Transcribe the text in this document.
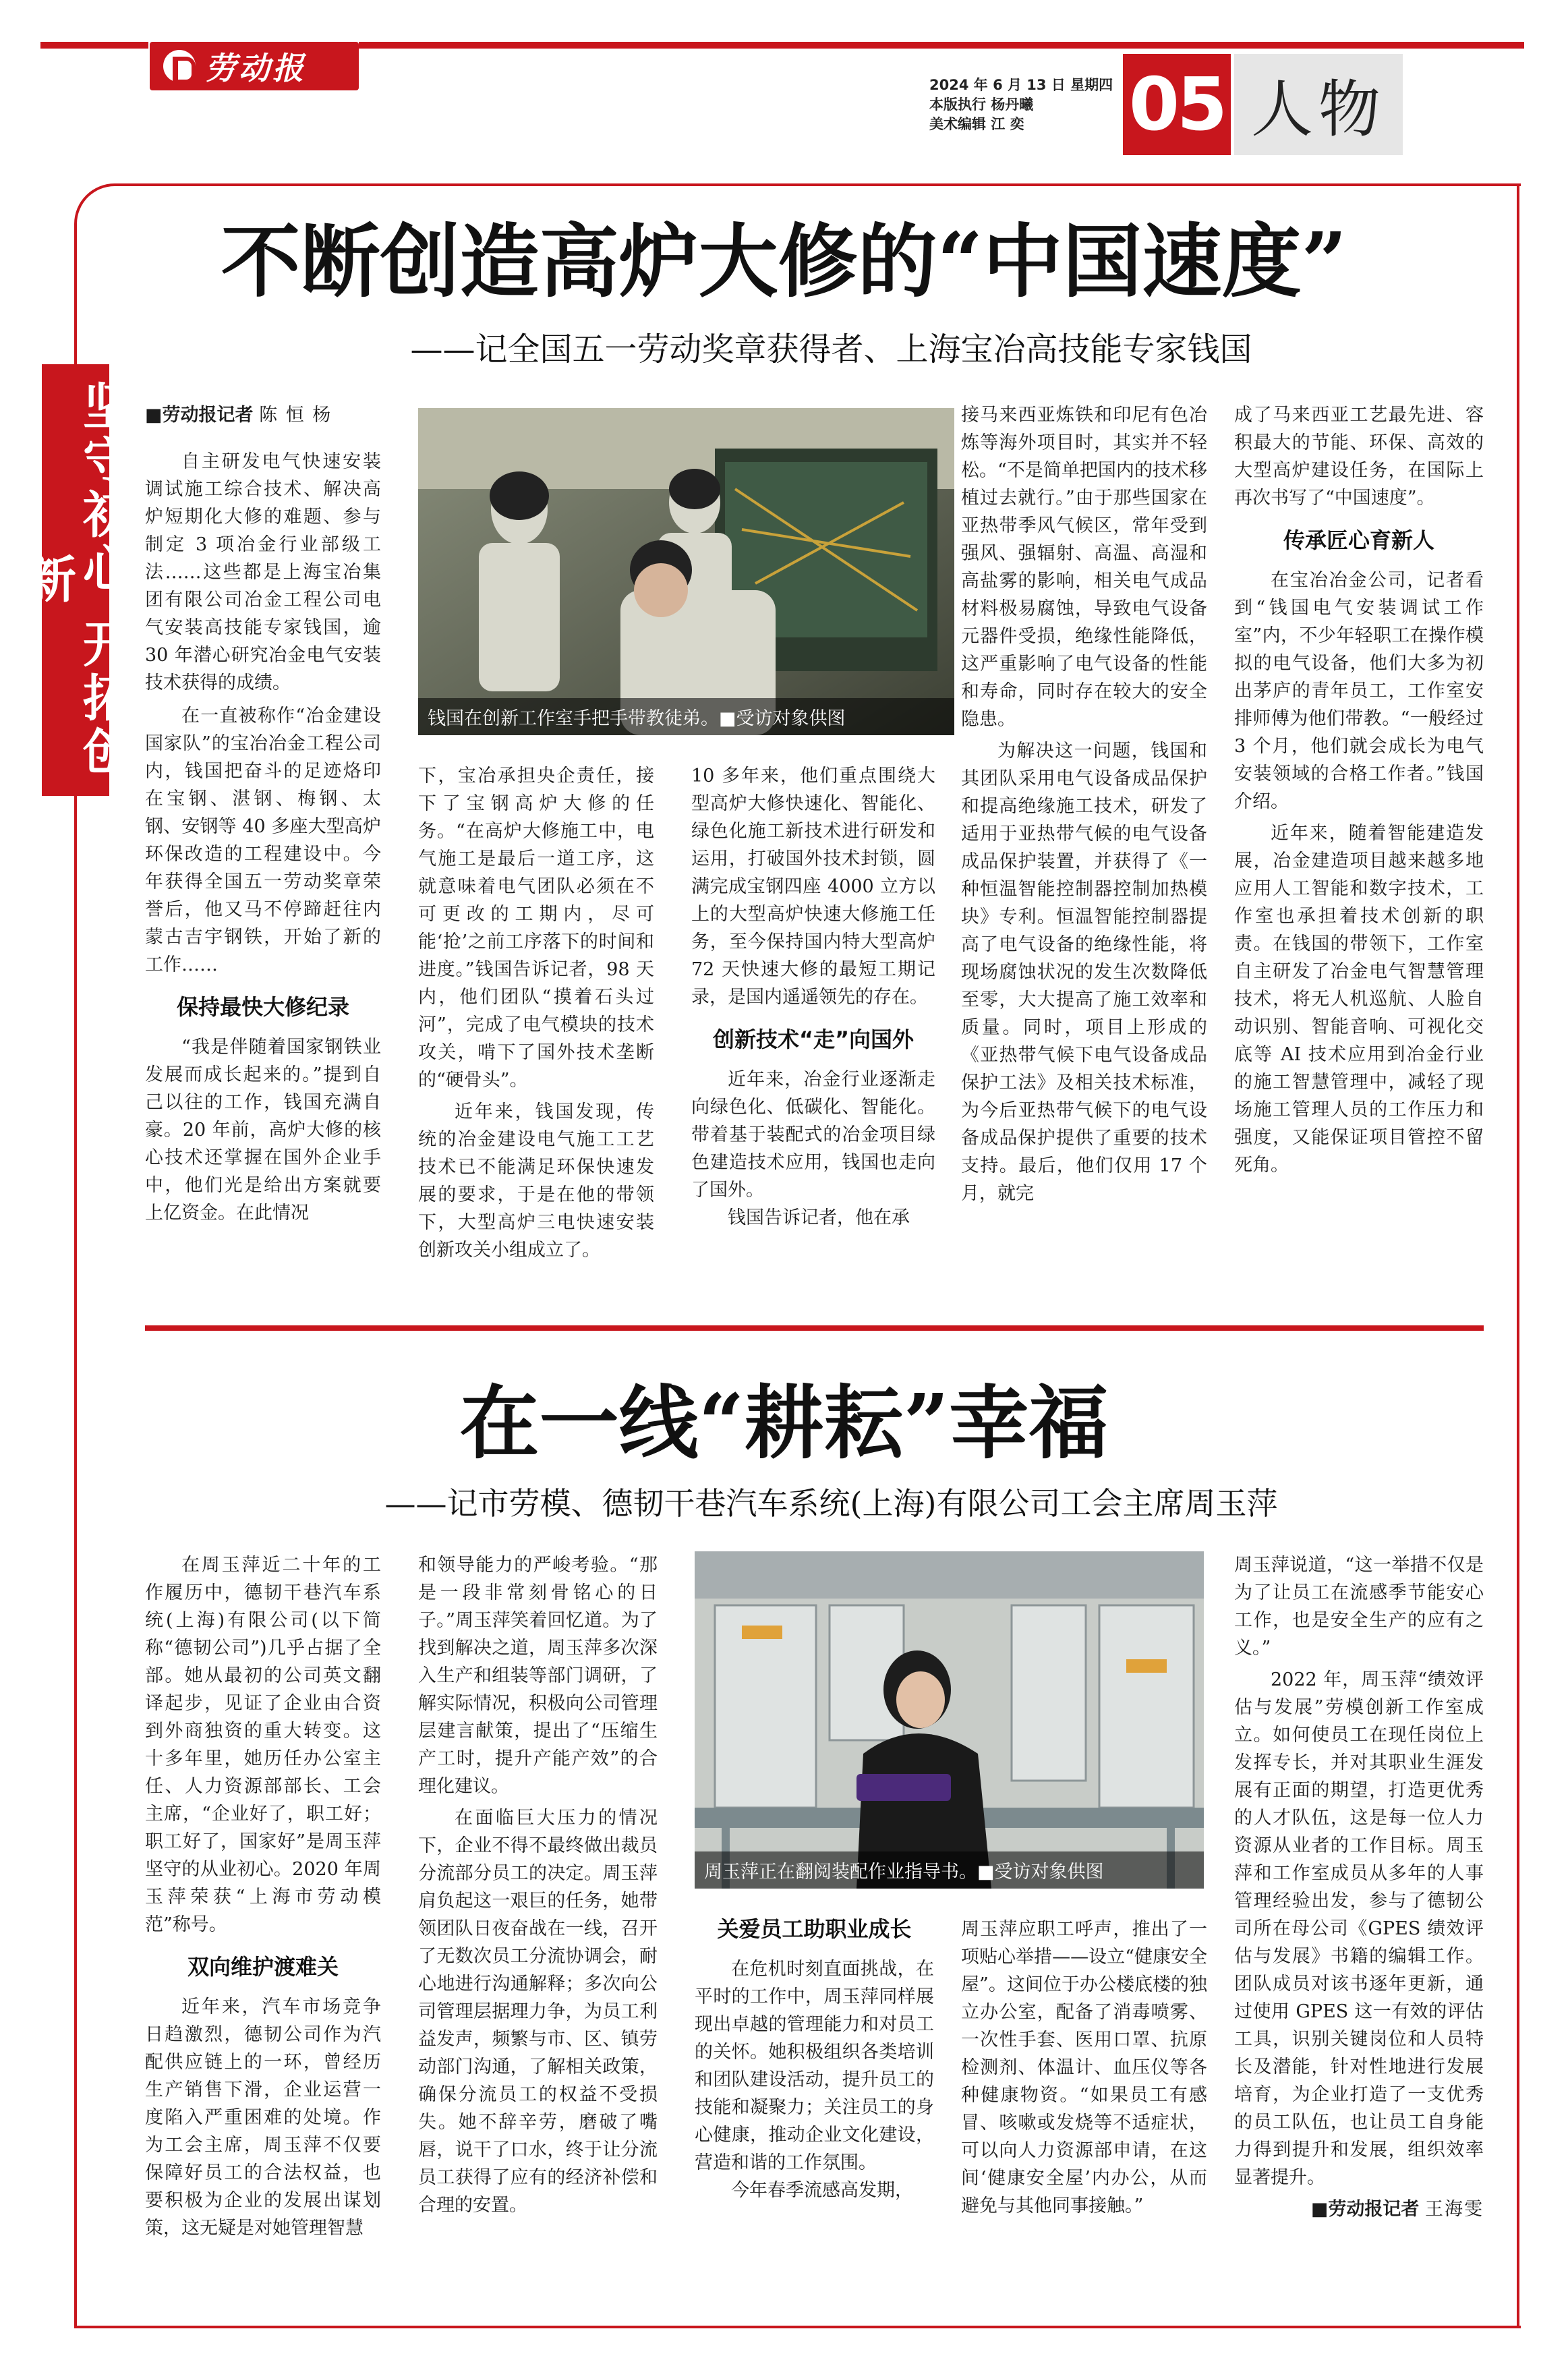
劳动报	2024 年 6 月 13 日 星期四
本版执行 杨丹曦
美术编辑 江 奕	05 人物
坚守初心 开拓创新
不断创造高炉大修的“中国速度”
——记全国五一劳动奖章获得者、上海宝冶高技能专家钱国

■劳动报记者 陈 恒 杨

自主研发电气快速安装调试施工综合技术、解决高炉短期化大修的难题、参与制定 3 项冶金行业部级工法……这些都是上海宝冶集团有限公司冶金工程公司电气安装高技能专家钱国，逾 30 年潜心研究冶金电气安装技术获得的成绩。

在一直被称作“冶金建设国家队”的宝冶冶金工程公司内，钱国把奋斗的足迹烙印在宝钢、湛钢、梅钢、太钢、安钢等 40 多座大型高炉环保改造的工程建设中。今年获得全国五一劳动奖章荣誉后，他又马不停蹄赶往内蒙古吉宇钢铁，开始了新的工作……

保持最快大修纪录

“我是伴随着国家钢铁业发展而成长起来的。”提到自己以往的工作，钱国充满自豪。20 年前，高炉大修的核心技术还掌握在国外企业手中，他们光是给出方案就要上亿资金。在此情况

钱国在创新工作室手把手带教徒弟。■受访对象供图

下，宝冶承担央企责任，接下了宝钢高炉大修的任务。“在高炉大修施工中，电气施工是最后一道工序，这就意味着电气团队必须在不可更改的工期内，尽可能‘抢’之前工序落下的时间和进度。”钱国告诉记者，98 天内，他们团队“摸着石头过河”，完成了电气模块的技术攻关，啃下了国外技术垄断的“硬骨头”。

近年来，钱国发现，传统的冶金建设电气施工工艺技术已不能满足环保快速发展的要求，于是在他的带领下，大型高炉三电快速安装创新攻关小组成立了。

10 多年来，他们重点围绕大型高炉大修快速化、智能化、绿色化施工新技术进行研发和运用，打破国外技术封锁，圆满完成宝钢四座 4000 立方以上的大型高炉快速大修施工任务，至今保持国内特大型高炉 72 天快速大修的最短工期记录，是国内遥遥领先的存在。

创新技术“走”向国外

近年来，冶金行业逐渐走向绿色化、低碳化、智能化。带着基于装配式的冶金项目绿色建造技术应用，钱国也走向了国外。

钱国告诉记者，他在承

接马来西亚炼铁和印尼有色冶炼等海外项目时，其实并不轻松。“不是简单把国内的技术移植过去就行。”由于那些国家在亚热带季风气候区，常年受到强风、强辐射、高温、高湿和高盐雾的影响，相关电气成品材料极易腐蚀，导致电气设备元器件受损，绝缘性能降低，这严重影响了电气设备的性能和寿命，同时存在较大的安全隐患。

为解决这一问题，钱国和其团队采用电气设备成品保护和提高绝缘施工技术，研发了适用于亚热带气候的电气设备成品保护装置，并获得了《一种恒温智能控制器控制加热模块》专利。恒温智能控制器提高了电气设备的绝缘性能，将现场腐蚀状况的发生次数降低至零，大大提高了施工效率和质量。同时，项目上形成的《亚热带气候下电气设备成品保护工法》及相关技术标准，为今后亚热带气候下的电气设备成品保护提供了重要的技术支持。最后，他们仅用 17 个月，就完

成了马来西亚工艺最先进、容积最大的节能、环保、高效的大型高炉建设任务，在国际上再次书写了“中国速度”。

传承匠心育新人

在宝冶冶金公司，记者看到“钱国电气安装调试工作室”内，不少年轻职工在操作模拟的电气设备，他们大多为初出茅庐的青年员工，工作室安排师傅为他们带教。“一般经过 3 个月，他们就会成长为电气安装领域的合格工作者。”钱国介绍。

近年来，随着智能建造发展，冶金建造项目越来越多地应用人工智能和数字技术，工作室也承担着技术创新的职责。在钱国的带领下，工作室自主研发了冶金电气智慧管理技术，将无人机巡航、人脸自动识别、智能音响、可视化交底等 AI 技术应用到冶金行业的施工智慧管理中，减轻了现场施工管理人员的工作压力和强度，又能保证项目管控不留死角。

在一线“耕耘”幸福
——记市劳模、德韧干巷汽车系统(上海)有限公司工会主席周玉萍

在周玉萍近二十年的工作履历中，德韧干巷汽车系统(上海)有限公司(以下简称“德韧公司”)几乎占据了全部。她从最初的公司英文翻译起步，见证了企业由合资到外商独资的重大转变。这十多年里，她历任办公室主任、人力资源部部长、工会主席，“企业好了，职工好；职工好了，国家好”是周玉萍坚守的从业初心。2020 年周玉萍荣获“上海市劳动模范”称号。

双向维护渡难关

近年来，汽车市场竞争日趋激烈，德韧公司作为汽配供应链上的一环，曾经历生产销售下滑，企业运营一度陷入严重困难的处境。作为工会主席，周玉萍不仅要保障好员工的合法权益，也要积极为企业的发展出谋划策，这无疑是对她管理智慧

和领导能力的严峻考验。“那是一段非常刻骨铭心的日子。”周玉萍笑着回忆道。为了找到解决之道，周玉萍多次深入生产和组装等部门调研，了解实际情况，积极向公司管理层建言献策，提出了“压缩生产工时，提升产能产效”的合理化建议。

在面临巨大压力的情况下，企业不得不最终做出裁员分流部分员工的决定。周玉萍肩负起这一艰巨的任务，她带领团队日夜奋战在一线，召开了无数次员工分流协调会，耐心地进行沟通解释；多次向公司管理层据理力争，为员工利益发声，频繁与市、区、镇劳动部门沟通，了解相关政策，确保分流员工的权益不受损失。她不辞辛劳，磨破了嘴唇，说干了口水，终于让分流员工获得了应有的经济补偿和合理的安置。

周玉萍正在翻阅装配作业指导书。■受访对象供图
关爱员工助职业成长

在危机时刻直面挑战，在平时的工作中，周玉萍同样展现出卓越的管理能力和对员工的关怀。她积极组织各类培训和团队建设活动，提升员工的技能和凝聚力；关注员工的身心健康，推动企业文化建设，营造和谐的工作氛围。

今年春季流感高发期，

周玉萍应职工呼声，推出了一项贴心举措——设立“健康安全屋”。这间位于办公楼底楼的独立办公室，配备了消毒喷雾、一次性手套、医用口罩、抗原检测剂、体温计、血压仪等各种健康物资。“如果员工有感冒、咳嗽或发烧等不适症状，可以向人力资源部申请，在这间‘健康安全屋’内办公，从而避免与其他同事接触。”

周玉萍说道，“这一举措不仅是为了让员工在流感季节能安心工作，也是安全生产的应有之义。”

2022 年，周玉萍“绩效评估与发展”劳模创新工作室成立。如何使员工在现任岗位上发挥专长，并对其职业生涯发展有正面的期望，打造更优秀的人才队伍，这是每一位人力资源从业者的工作目标。周玉萍和工作室成员从多年的人事管理经验出发，参与了德韧公司所在母公司《GPES 绩效评估与发展》书籍的编辑工作。团队成员对该书逐年更新，通过使用 GPES 这一有效的评估工具，识别关键岗位和人员特长及潜能，针对性地进行发展培育，为企业打造了一支优秀的员工队伍，也让员工自身能力得到提升和发展，组织效率显著提升。

■劳动报记者 王海雯
